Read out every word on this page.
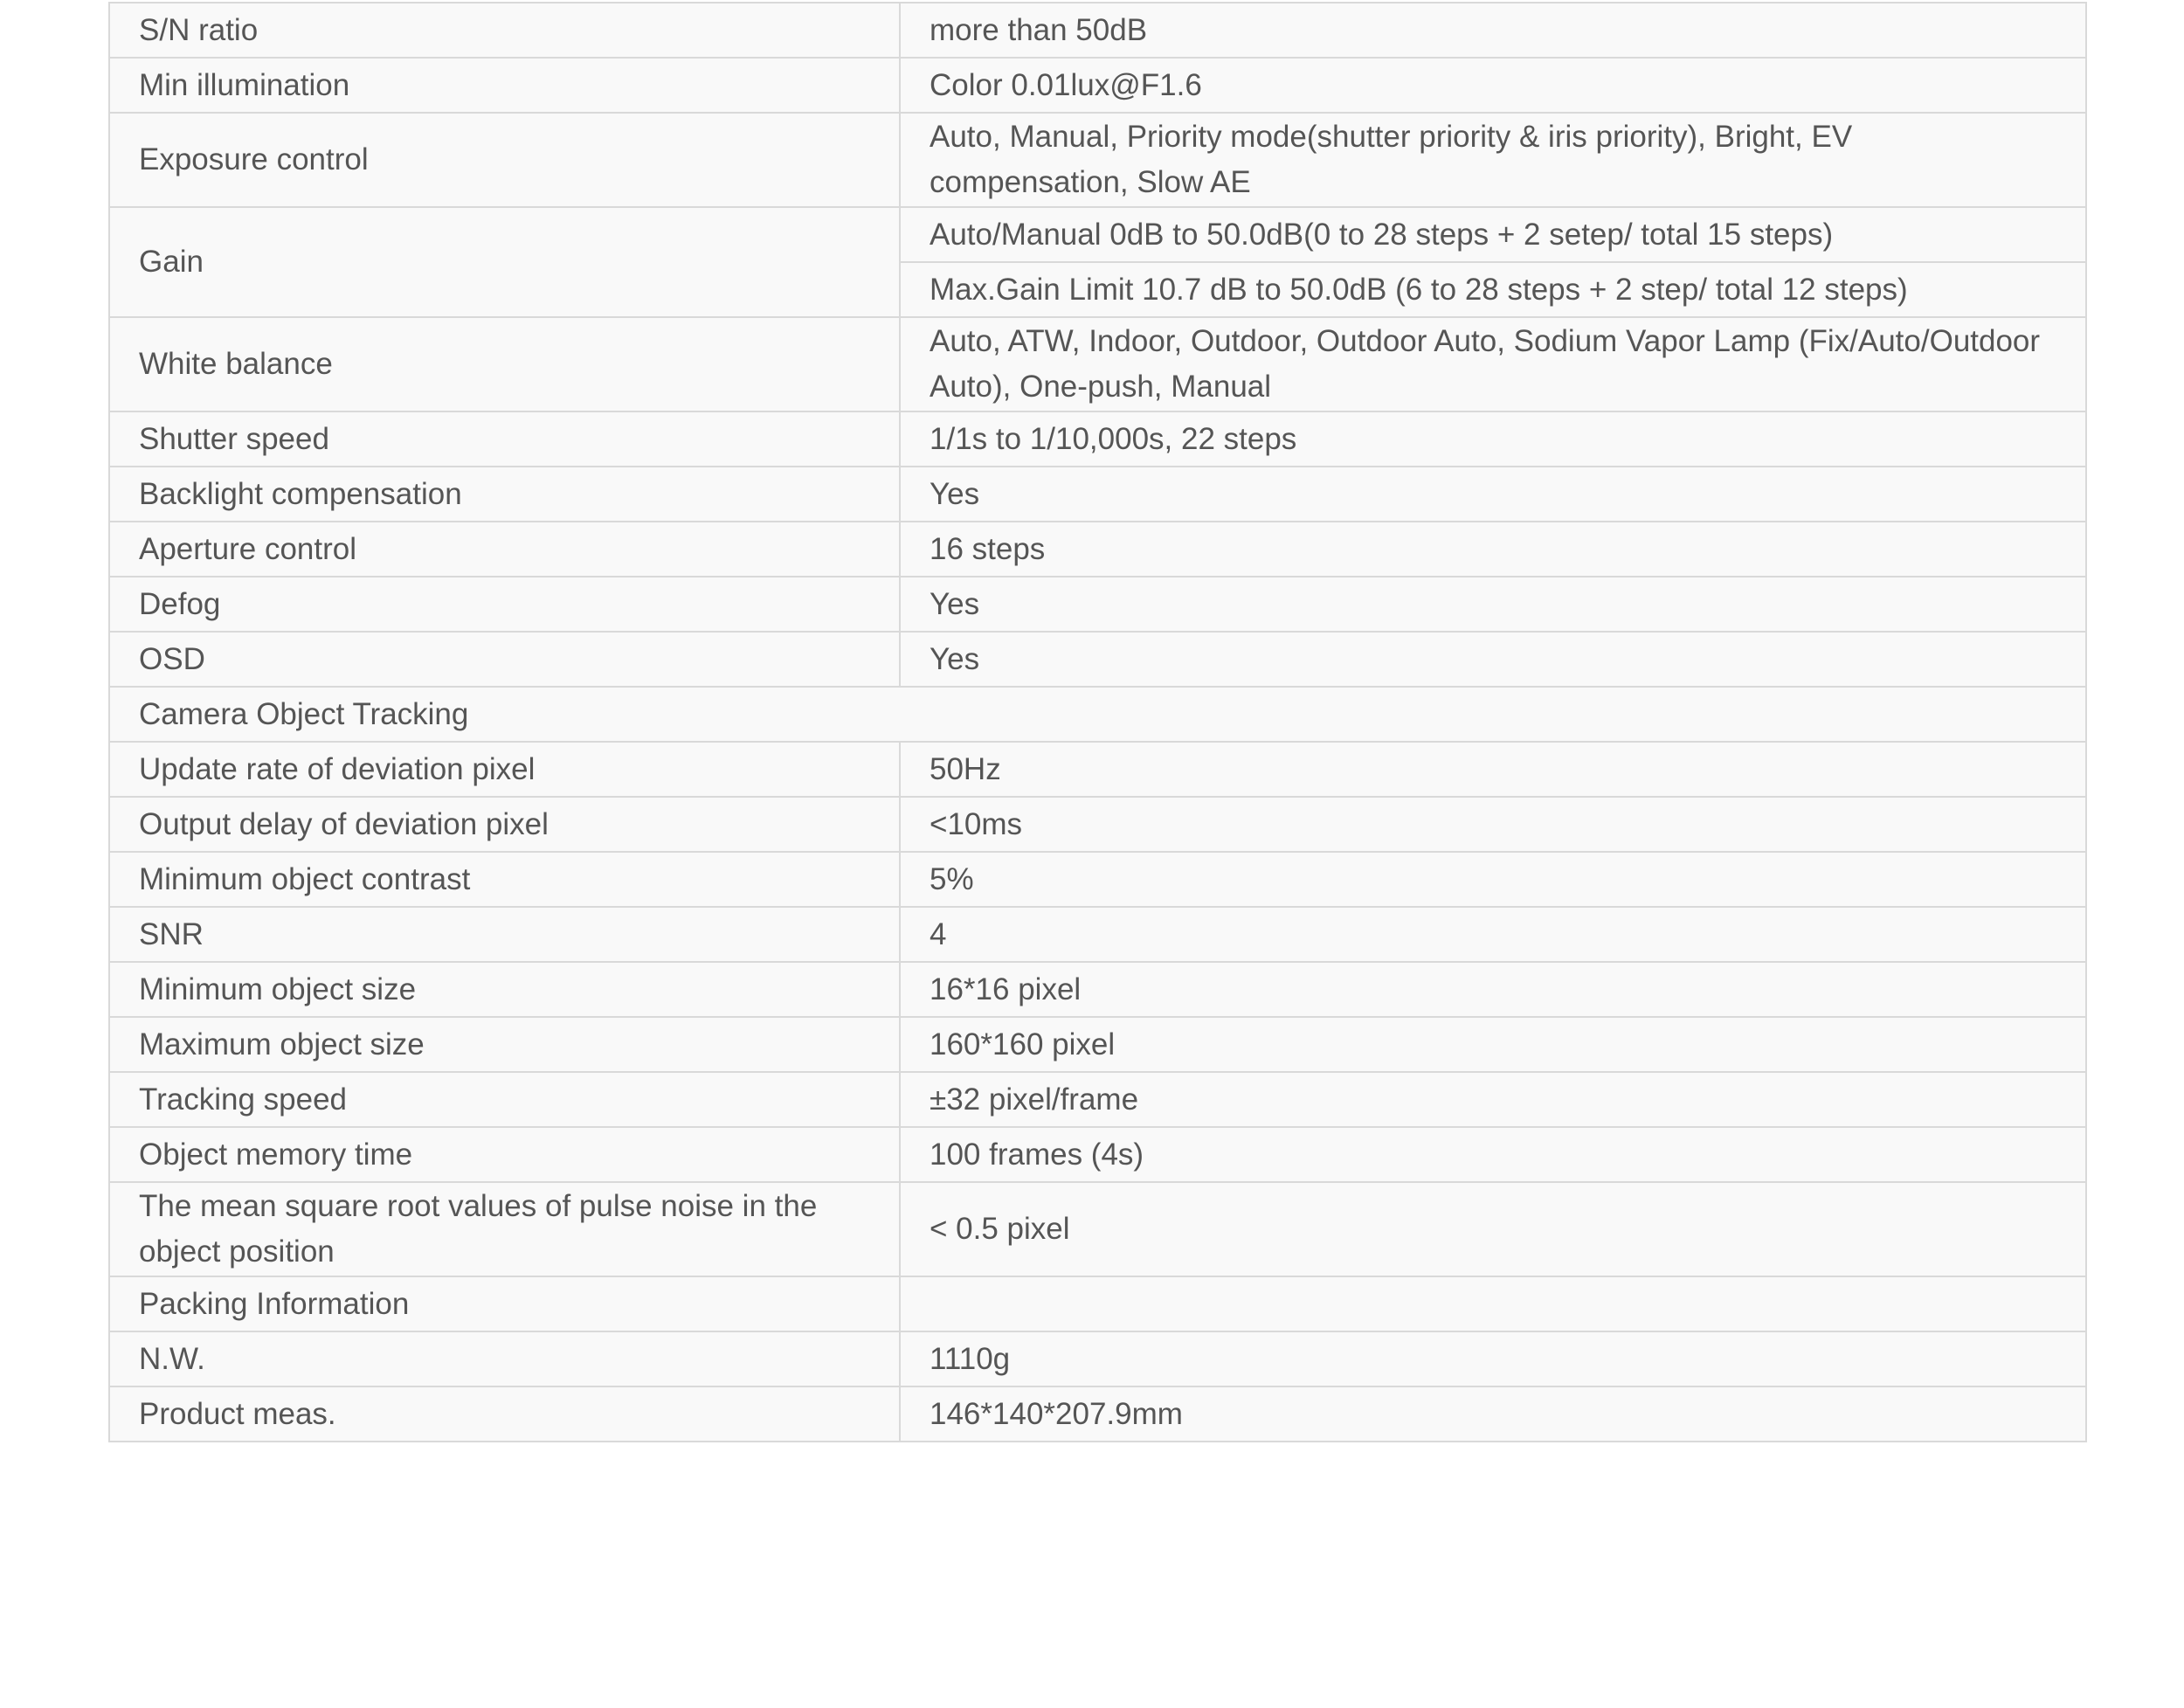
S/N ratio	more than 50dB
Min illumination	Color 0.01lux@F1.6
Exposure control	Auto, Manual, Priority mode(shutter priority & iris priority), Bright, EV compensation, Slow AE
Gain	Auto/Manual 0dB to 50.0dB(0 to 28 steps + 2 setep/ total 15 steps)
	Max.Gain Limit 10.7 dB to 50.0dB (6 to 28 steps + 2 step/ total 12 steps)
White balance	Auto, ATW, Indoor, Outdoor, Outdoor Auto, Sodium Vapor Lamp (Fix/Auto/Outdoor Auto), One-push, Manual
Shutter speed	1/1s to 1/10,000s, 22 steps
Backlight compensation	Yes
Aperture control	16 steps
Defog	Yes
OSD	Yes
Camera Object Tracking	
Update rate of deviation pixel	50Hz
Output delay of deviation pixel	<10ms
Minimum object contrast	5%
SNR	4
Minimum object size	16*16 pixel
Maximum object size	160*160 pixel
Tracking speed	±32 pixel/frame
Object memory time	100 frames (4s)
The mean square root values of pulse noise in the object position	< 0.5 pixel
Packing Information	
N.W.	1110g
Product meas.	146*140*207.9mm
